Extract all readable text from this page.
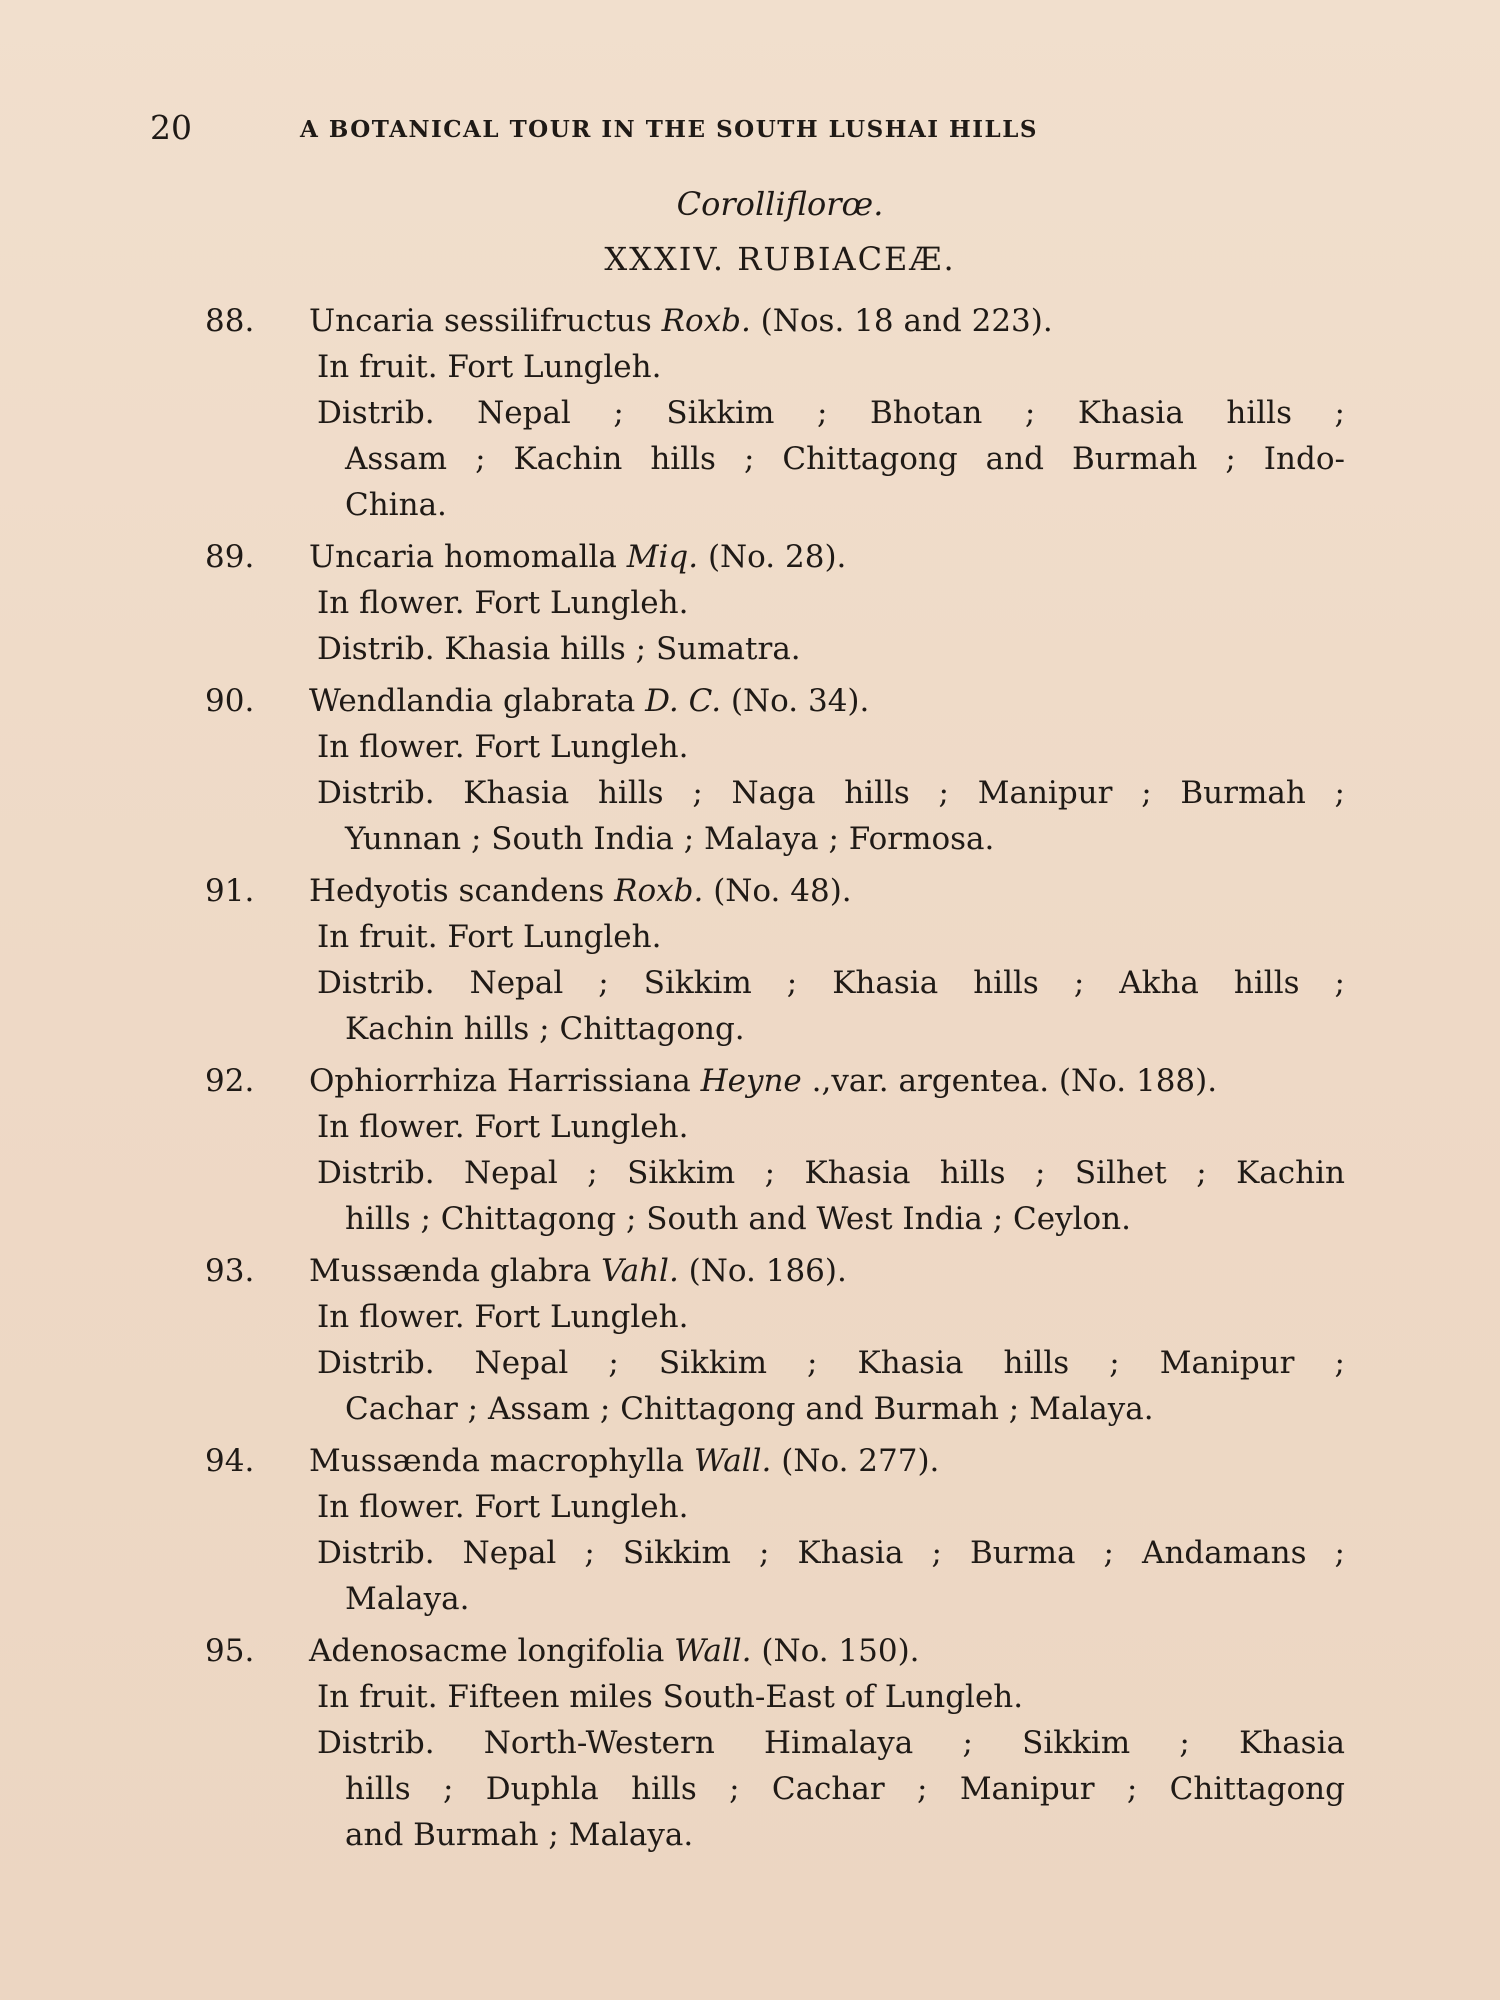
20	A BOTANICAL TOUR IN THE SOUTH LUSHAI HILLS
Corolliflorœ.
XXXIV. RUBIACEÆ.
88. Uncaria sessilifructus Roxb. (Nos. 18 and 223).
In fruit. Fort Lungleh.
Distrib. Nepal ; Sikkim ; Bhotan ; Khasia hills ;
Assam ; Kachin hills ; Chittagong and Burmah ; Indo-
China.
89. Uncaria homomalla Miq. (No. 28).
In flower. Fort Lungleh.
Distrib. Khasia hills ; Sumatra.
90. Wendlandia glabrata D. C. (No. 34).
In flower. Fort Lungleh.
Distrib. Khasia hills ; Naga hills ; Manipur ; Burmah ;
Yunnan ; South India ; Malaya ; Formosa.
91. Hedyotis scandens Roxb. (No. 48).
In fruit. Fort Lungleh.
Distrib. Nepal ; Sikkim ; Khasia hills ; Akha hills ;
Kachin hills ; Chittagong.
92. Ophiorrhiza Harrissiana Heyne .,var. argentea. (No. 188).
In flower. Fort Lungleh.
Distrib. Nepal ; Sikkim ; Khasia hills ; Silhet ; Kachin
hills ; Chittagong ; South and West India ; Ceylon.
93. Mussænda glabra Vahl. (No. 186).
In flower. Fort Lungleh.
Distrib. Nepal ; Sikkim ; Khasia hills ; Manipur ;
Cachar ; Assam ; Chittagong and Burmah ; Malaya.
94. Mussænda macrophylla Wall. (No. 277).
In flower. Fort Lungleh.
Distrib. Nepal ; Sikkim ; Khasia ; Burma ; Andamans ;
Malaya.
95. Adenosacme longifolia Wall. (No. 150).
In fruit. Fifteen miles South-East of Lungleh.
Distrib. North-Western Himalaya ; Sikkim ; Khasia
hills ; Duphla hills ; Cachar ; Manipur ; Chittagong
and Burmah ; Malaya.
